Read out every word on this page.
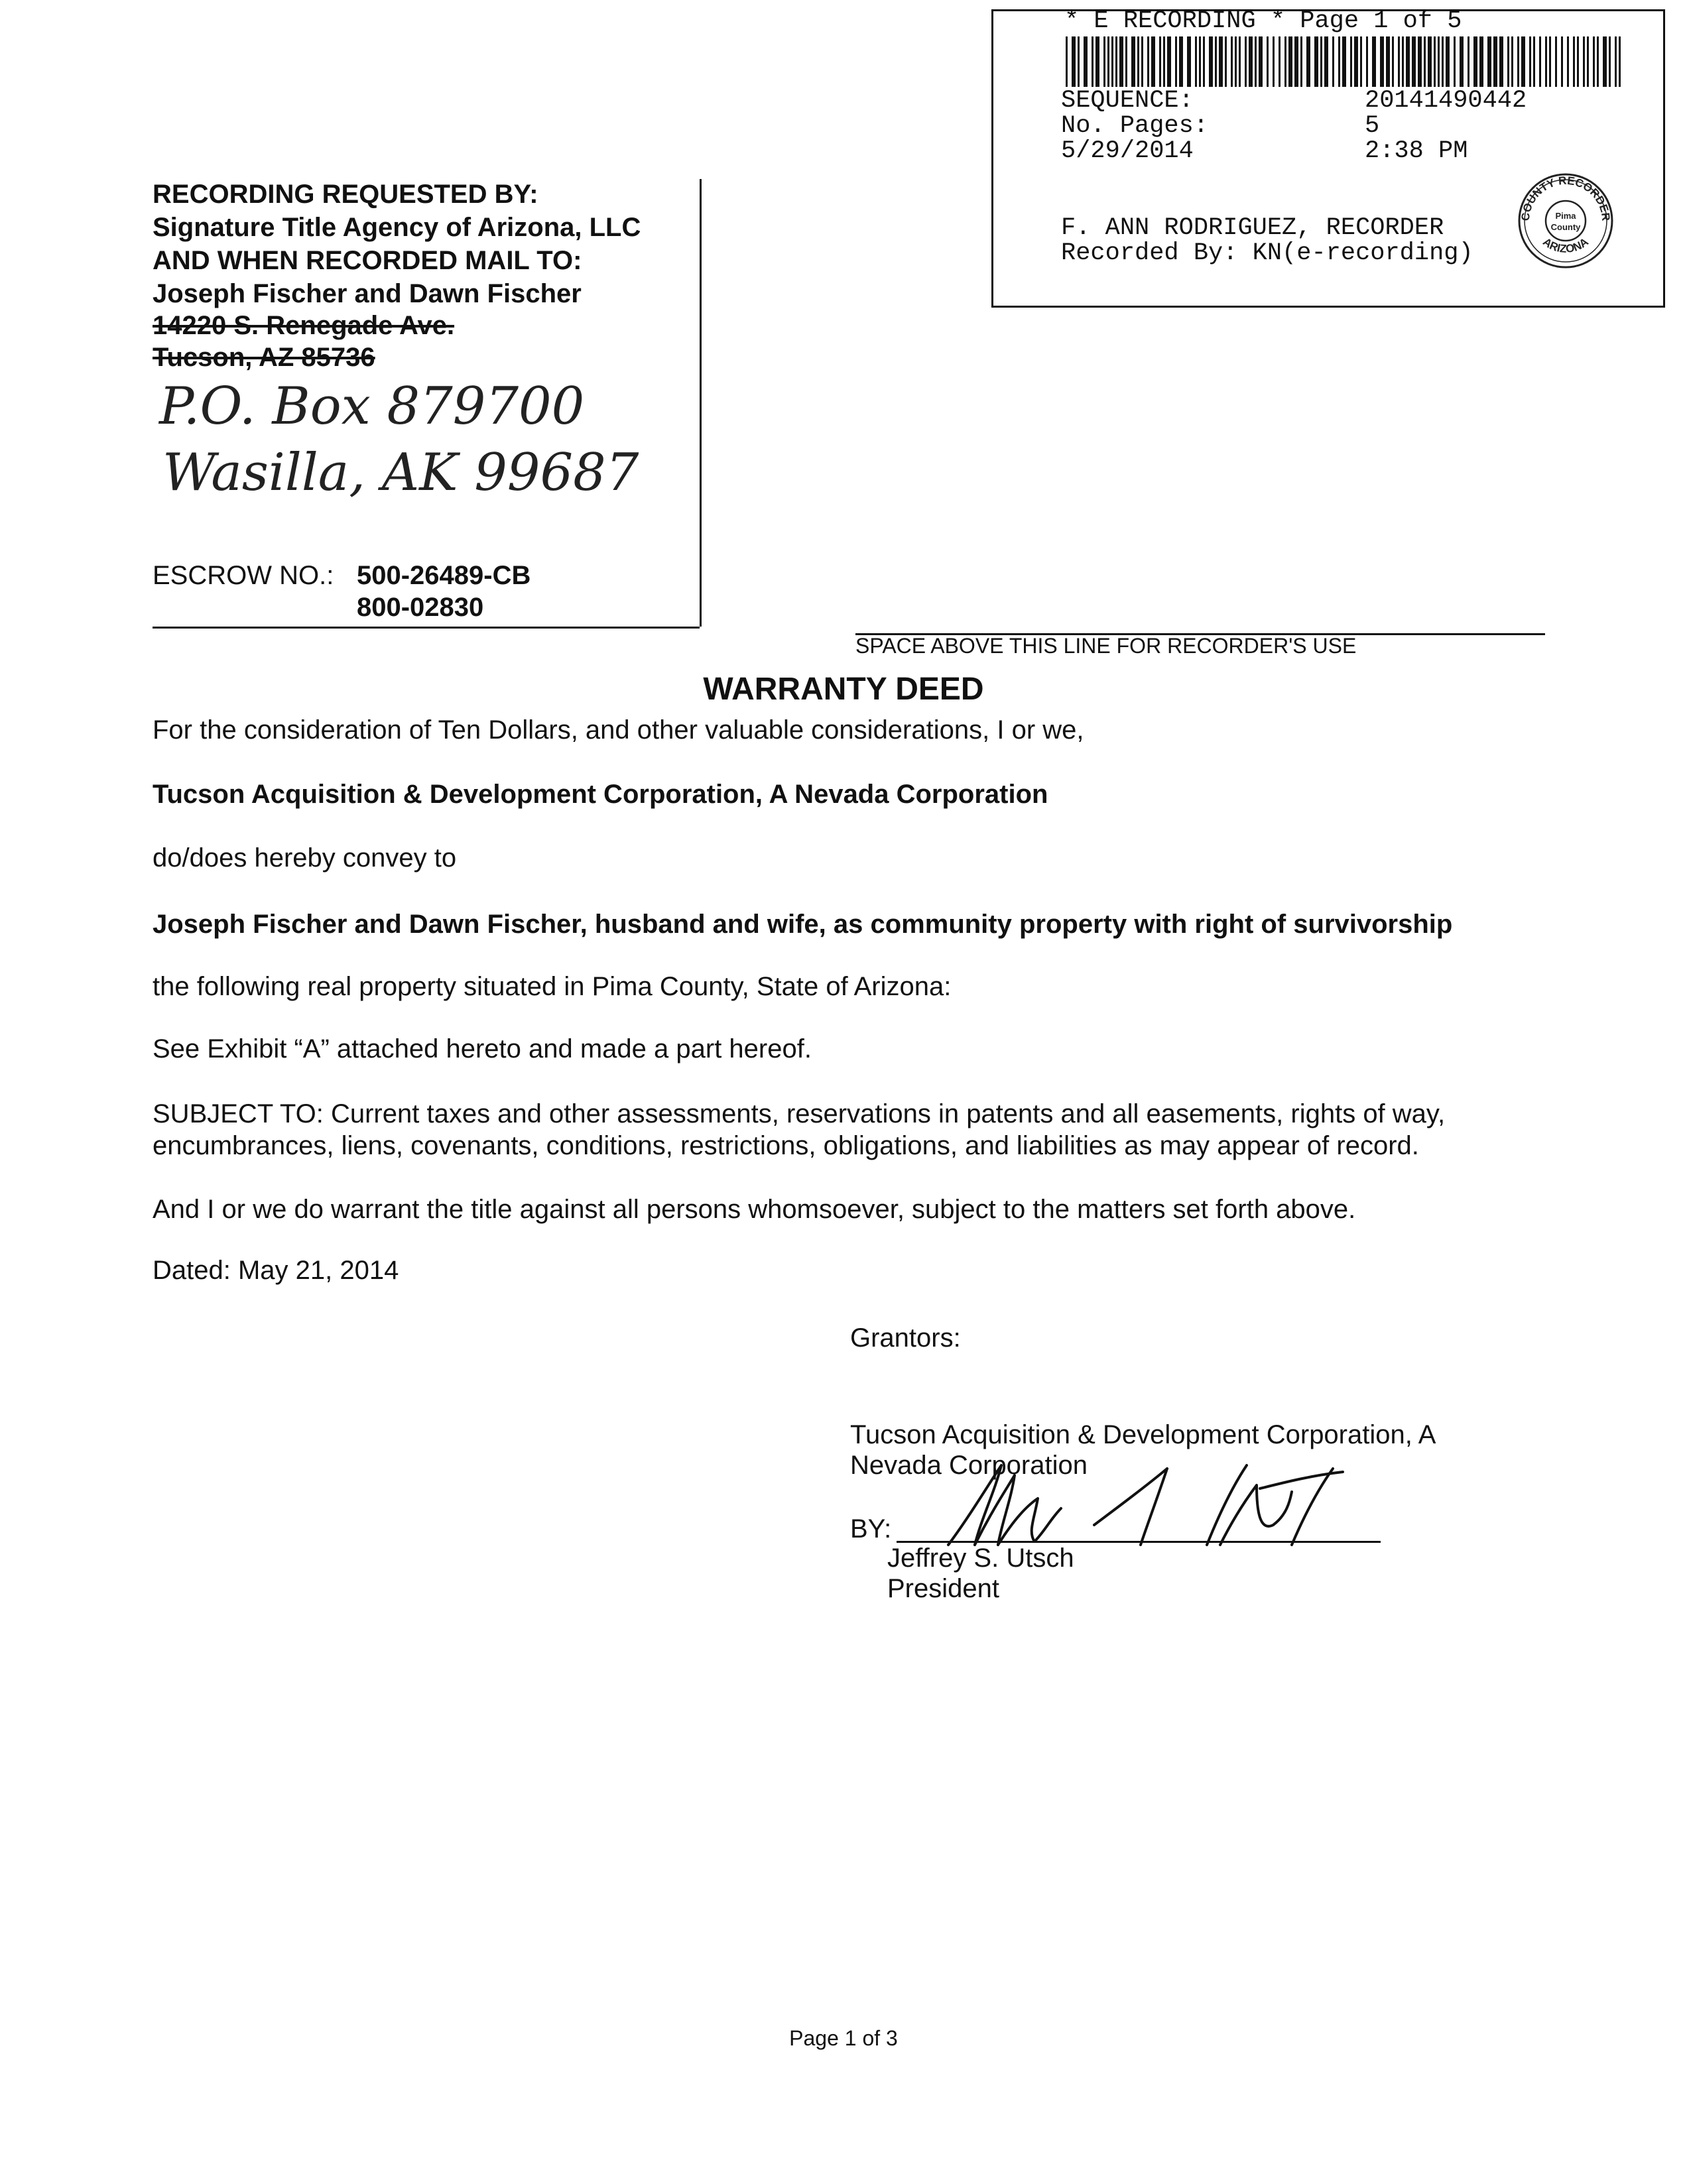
* E RECORDING * Page 1 of 5
SEQUENCE:	20141490442
No. Pages:	5
5/29/2014	2:38 PM
F. ANN RODRIGUEZ, RECORDER
Recorded By: KN(e-recording)
COUNTY RECORDER
ARIZONA
Pima
County
RECORDING REQUESTED BY:
Signature Title Agency of Arizona, LLC
AND WHEN RECORDED MAIL TO:
Joseph Fischer and Dawn Fischer
14220 S. Renegade Ave.
Tucson, AZ 85736
P.O. Box 879700
Wasilla, AK 99687
ESCROW NO.: 500-26489-CB
800-02830
SPACE ABOVE THIS LINE FOR RECORDER'S USE
WARRANTY DEED
For the consideration of Ten Dollars, and other valuable considerations, I or we,
Tucson Acquisition & Development Corporation, A Nevada Corporation
do/does hereby convey to
Joseph Fischer and Dawn Fischer, husband and wife, as community property with right of survivorship
the following real property situated in Pima County, State of Arizona:
See Exhibit “A” attached hereto and made a part hereof.
SUBJECT TO: Current taxes and other assessments, reservations in patents and all easements, rights of way,
encumbrances, liens, covenants, conditions, restrictions, obligations, and liabilities as may appear of record.
And I or we do warrant the title against all persons whomsoever, subject to the matters set forth above.
Dated: May 21, 2014
Grantors:
Tucson Acquisition & Development Corporation, A
Nevada Corporation
BY:
Jeffrey S. Utsch
President
Page 1 of 3
